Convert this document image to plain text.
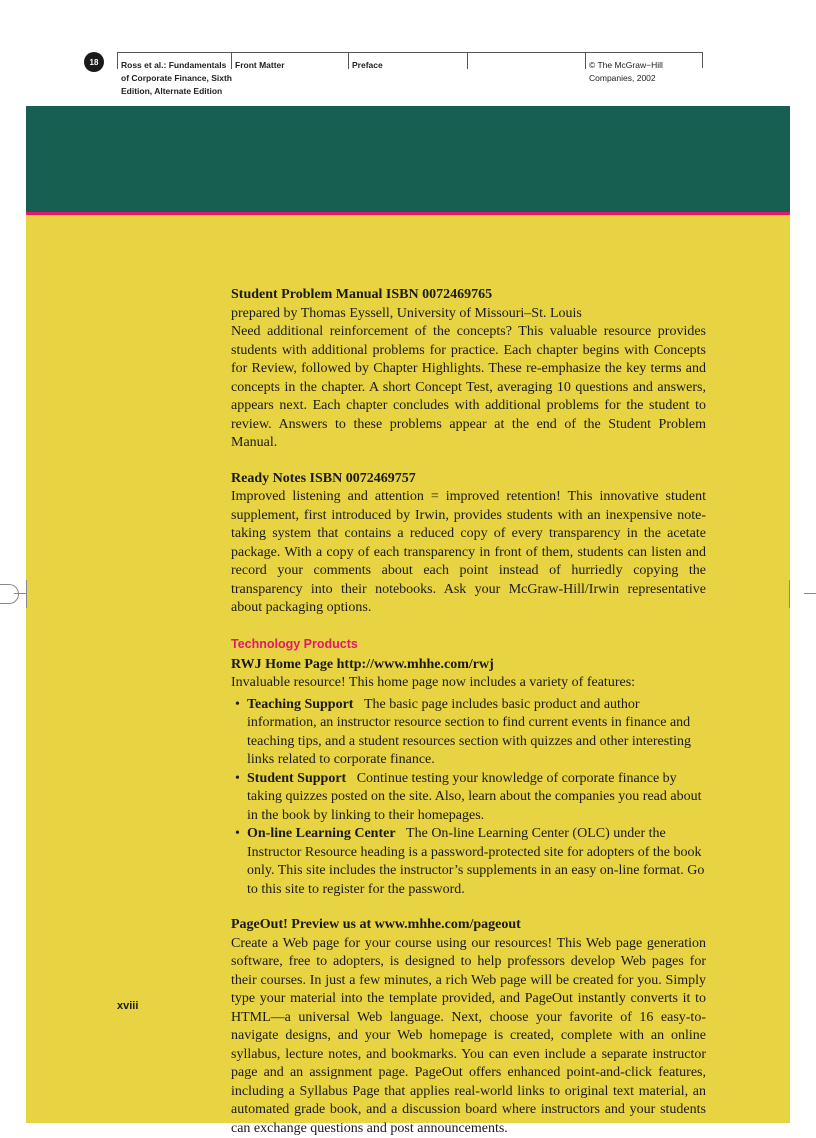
18	Ross et al.: Fundamentals
of Corporate Finance, Sixth
Edition, Alternate Edition
Front Matter	Preface	© The McGraw−Hill
Companies, 2002

Student Problem Manual ISBN 0072469765

prepared by Thomas Eyssell, University of Missouri–St. Louis

Need additional reinforcement of the concepts? This valuable resource provides students with additional problems for practice. Each chapter begins with Concepts for Review, followed by Chapter Highlights. These re-emphasize the key terms and concepts in the chapter. A short Concept Test, averaging 10 questions and answers, appears next. Each chapter concludes with additional problems for the student to review. Answers to these problems appear at the end of the Student Problem Manual.

Ready Notes ISBN 0072469757

Improved listening and attention = improved retention! This innovative student supplement, first introduced by Irwin, provides students with an inexpensive note-taking system that contains a reduced copy of every transparency in the acetate package. With a copy of each transparency in front of them, students can listen and record your comments about each point instead of hurriedly copying the transparency into their notebooks. Ask your McGraw-Hill/Irwin representative about packaging options.

Technology Products

RWJ Home Page http://www.mhhe.com/rwj

Invaluable resource! This home page now includes a variety of features:

• Teaching Support The basic page includes basic product and author information, an instructor resource section to find current events in finance and teaching tips, and a student resources section with quizzes and other interesting links related to corporate finance.
• Student Support Continue testing your knowledge of corporate finance by taking quizzes posted on the site. Also, learn about the companies you read about in the book by linking to their homepages.
• On-line Learning Center The On-line Learning Center (OLC) under the Instructor Resource heading is a password-protected site for adopters of the book only. This site includes the instructor’s supplements in an easy on-line format. Go to this site to register for the password.

PageOut! Preview us at www.mhhe.com/pageout

Create a Web page for your course using our resources! This Web page generation software, free to adopters, is designed to help professors develop Web pages for their courses. In just a few minutes, a rich Web page will be created for you. Simply type your material into the template provided, and PageOut instantly converts it to HTML—a universal Web language. Next, choose your favorite of 16 easy-to-navigate designs, and your Web homepage is created, complete with an online syllabus, lecture notes, and bookmarks. You can even include a separate instructor page and an assignment page. PageOut offers enhanced point-and-click features, including a Syllabus Page that applies real-world links to original text material, an automated grade book, and a discussion board where instructors and your students can exchange questions and post announcements.

xviii
